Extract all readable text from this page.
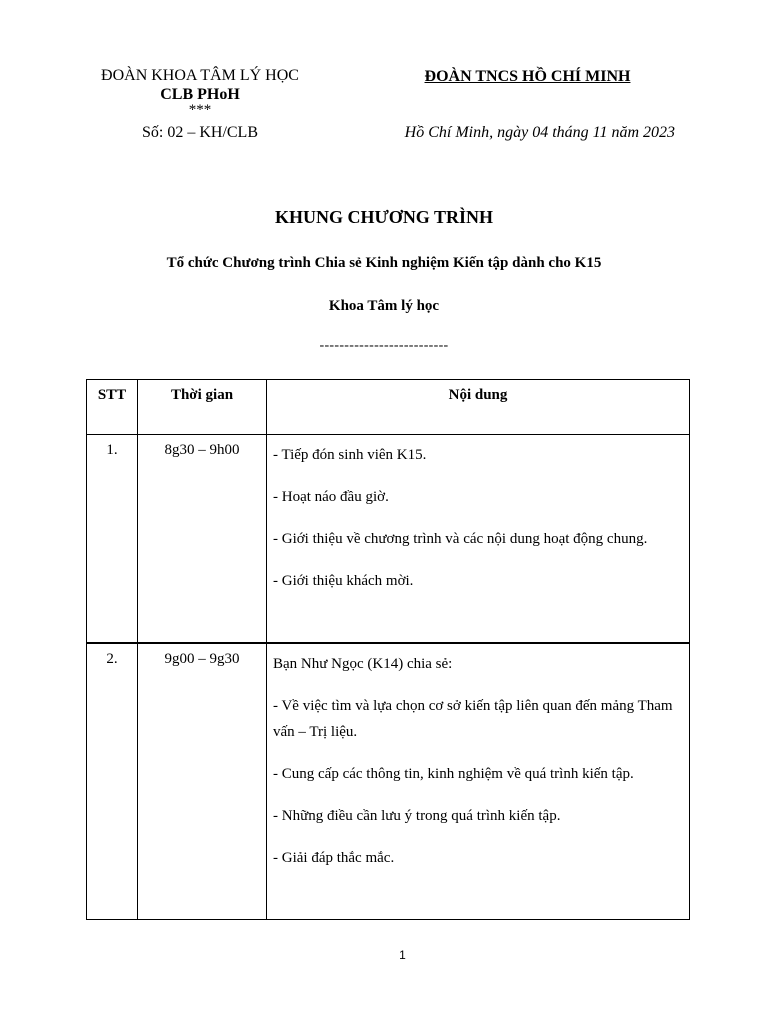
ĐOÀN KHOA TÂM LÝ HỌC
CLB PHoH
***
Số: 02 – KH/CLB
ĐOÀN TNCS HỒ CHÍ MINH
Hồ Chí Minh, ngày 04 tháng 11 năm 2023
KHUNG CHƯƠNG TRÌNH
Tổ chức Chương trình Chia sẻ Kinh nghiệm Kiến tập dành cho K15
Khoa Tâm lý học
--------------------------
STT	Thời gian	Nội dung
1.	8g30 – 9h00	- Tiếp đón sinh viên K15.
- Hoạt náo đầu giờ.
- Giới thiệu về chương trình và các nội dung hoạt động chung.
- Giới thiệu khách mời.

2.	9g00 – 9g30	Bạn Như Ngọc (K14) chia sẻ:
- Về việc tìm và lựa chọn cơ sở kiến tập liên quan đến mảng Tham vấn – Trị liệu.
- Cung cấp các thông tin, kinh nghiệm về quá trình kiến tập.
- Những điều cần lưu ý trong quá trình kiến tập.
- Giải đáp thắc mắc.
1
